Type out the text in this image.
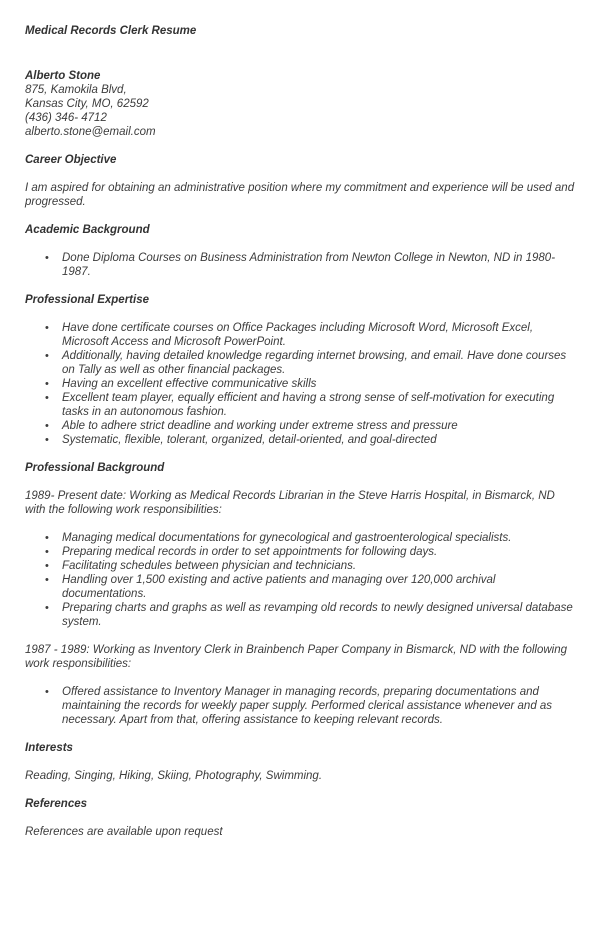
Medical Records Clerk Resume
Alberto Stone
875, Kamokila Blvd,
Kansas City, MO, 62592
(436) 346- 4712
alberto.stone@email.com
Career Objective

I am aspired for obtaining an administrative position where my commitment and experience will be used and progressed.

Academic Background
•	Done Diploma Courses on Business Administration from Newton College in Newton, ND in 1980-1987.
Professional Expertise
•	Have done certificate courses on Office Packages including Microsoft Word, Microsoft Excel, Microsoft Access and Microsoft PowerPoint.
•	Additionally, having detailed knowledge regarding internet browsing, and email. Have done courses on Tally as well as other financial packages.
•	Having an excellent effective communicative skills
•	Excellent team player, equally efficient and having a strong sense of self-motivation for executing tasks in an autonomous fashion.
•	Able to adhere strict deadline and working under extreme stress and pressure
•	Systematic, flexible, tolerant, organized, detail-oriented, and goal-directed
Professional Background

1989- Present date: Working as Medical Records Librarian in the Steve Harris Hospital, in Bismarck, ND with the following work responsibilities:

•	Managing medical documentations for gynecological and gastroenterological specialists.
•	Preparing medical records in order to set appointments for following days.
•	Facilitating schedules between physician and technicians.
•	Handling over 1,500 existing and active patients and managing over 120,000 archival documentations.
•	Preparing charts and graphs as well as revamping old records to newly designed universal database system.

1987 - 1989: Working as Inventory Clerk in Brainbench Paper Company in Bismarck, ND with the following work responsibilities:

•	Offered assistance to Inventory Manager in managing records, preparing documentations and maintaining the records for weekly paper supply. Performed clerical assistance whenever and as necessary. Apart from that, offering assistance to keeping relevant records.
Interests

Reading, Singing, Hiking, Skiing, Photography, Swimming.

References

References are available upon request
